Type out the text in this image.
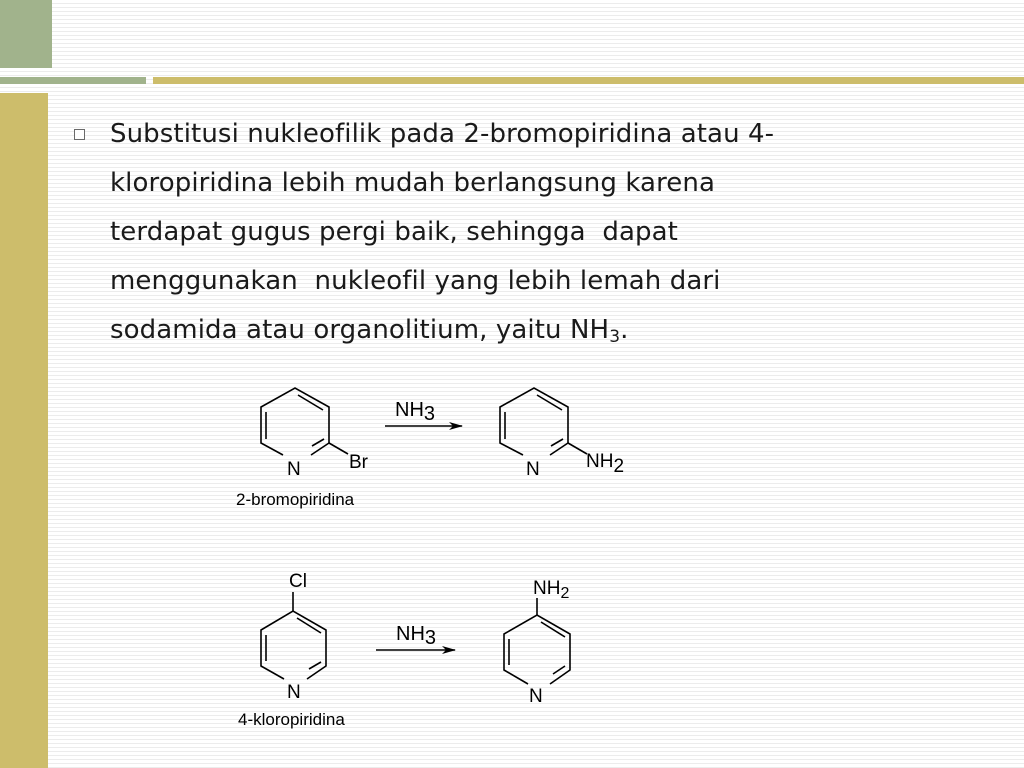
Substitusi nukleofilik pada 2-bromopiridina atau 4-
kloropiridina lebih mudah berlangsung karena
terdapat gugus pergi baik, sehingga  dapat
menggunakan  nukleofil yang lebih lemah dari
sodamida atau organolitium, yaitu $NH_3$.
N	Br
2-bromopiridina
NH3
N NH2
N
Cl
4-kloropiridina
NH3
N
$NH_2$
